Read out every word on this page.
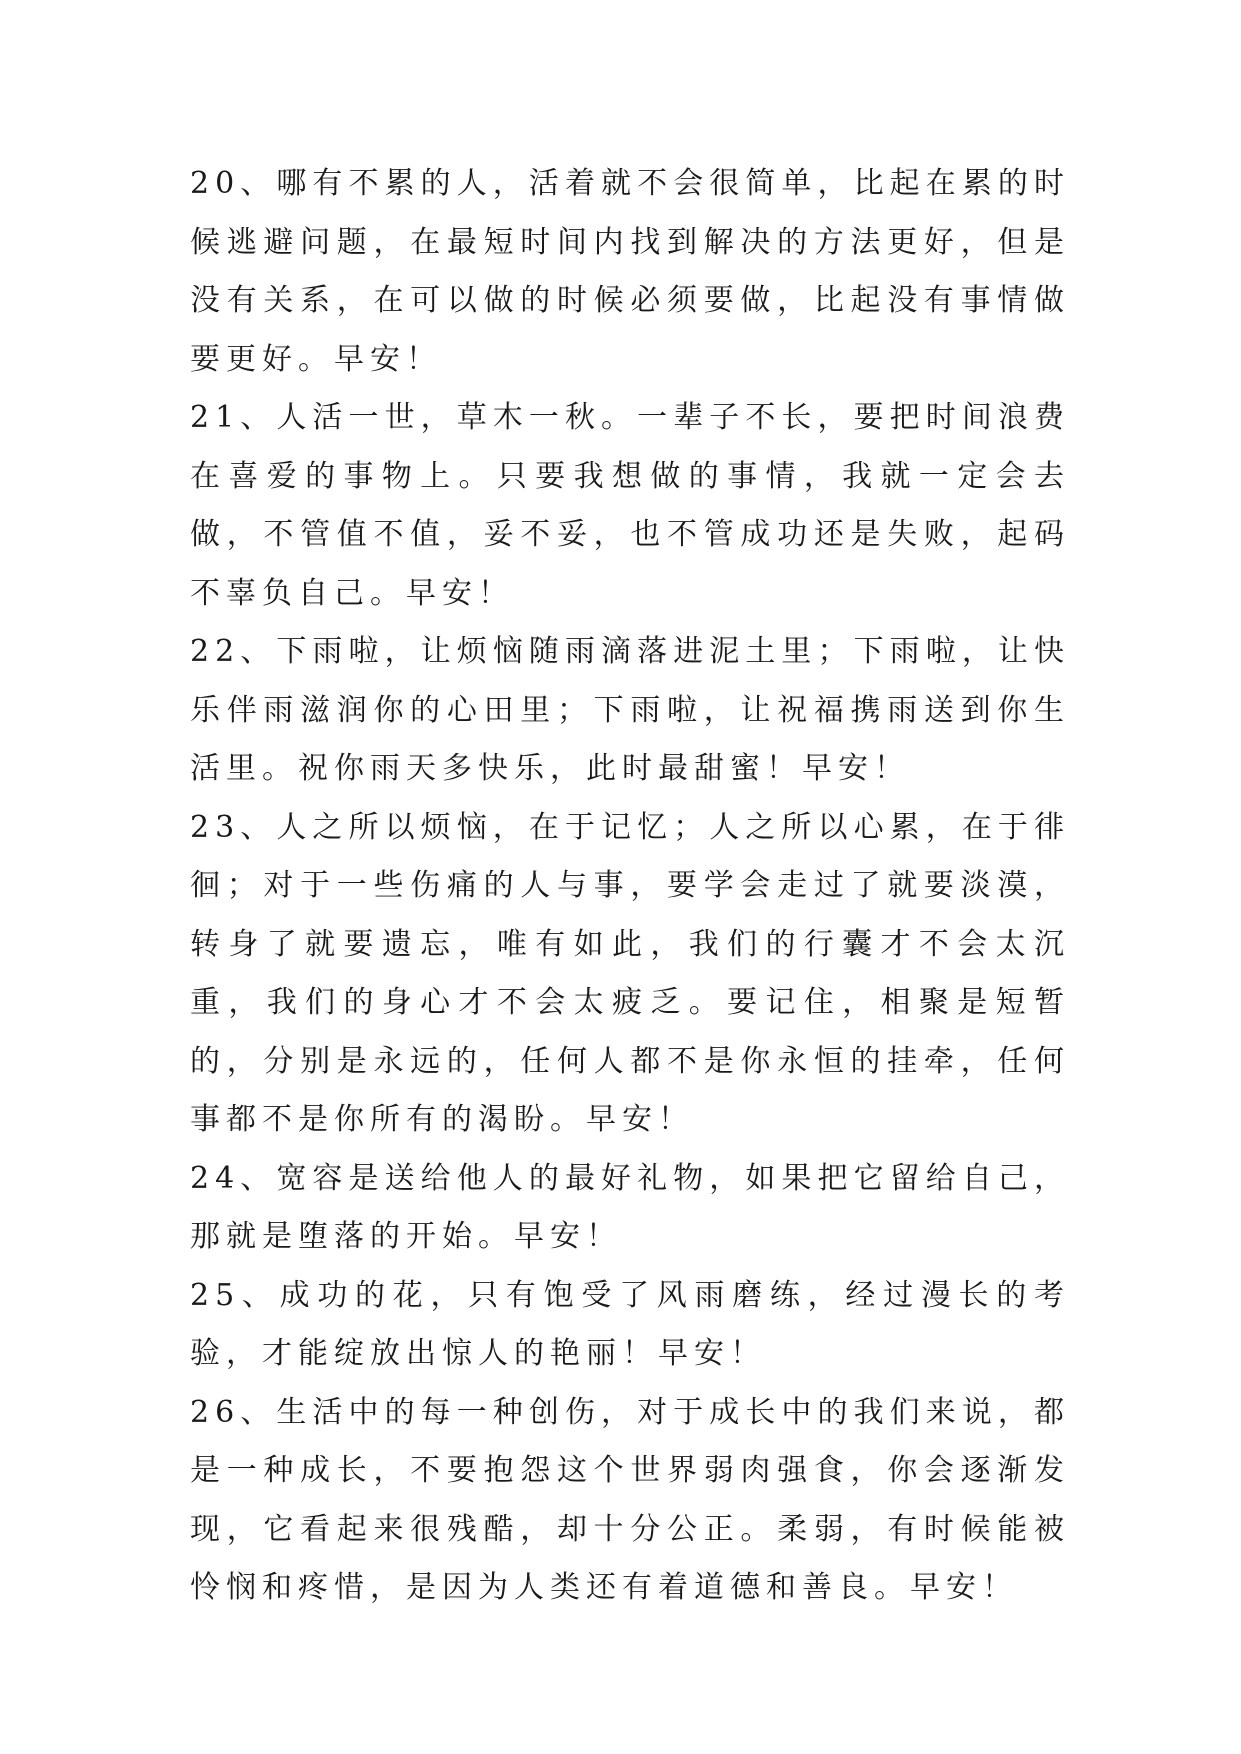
20、哪有不累的人，活着就不会很简单，比起在累的时候逃避问题，在最短时间内找到解决的方法更好，但是没有关系，在可以做的时候必须要做，比起没有事情做要更好。早安！

21、人活一世，草木一秋。一辈子不长，要把时间浪费在喜爱的事物上。只要我想做的事情，我就一定会去做，不管值不值，妥不妥，也不管成功还是失败，起码不辜负自己。早安！

22、下雨啦，让烦恼随雨滴落进泥土里；下雨啦，让快乐伴雨滋润你的心田里；下雨啦，让祝福携雨送到你生活里。祝你雨天多快乐，此时最甜蜜！早安！

23、人之所以烦恼，在于记忆；人之所以心累，在于徘徊；对于一些伤痛的人与事，要学会走过了就要淡漠，转身了就要遗忘，唯有如此，我们的行囊才不会太沉重，我们的身心才不会太疲乏。要记住，相聚是短暂的，分别是永远的，任何人都不是你永恒的挂牵，任何事都不是你所有的渴盼。早安！

24、宽容是送给他人的最好礼物，如果把它留给自己，那就是堕落的开始。早安！

25、成功的花，只有饱受了风雨磨练，经过漫长的考验，才能绽放出惊人的艳丽！早安！

26、生活中的每一种创伤，对于成长中的我们来说，都是一种成长，不要抱怨这个世界弱肉强食，你会逐渐发现，它看起来很残酷，却十分公正。柔弱，有时候能被怜悯和疼惜，是因为人类还有着道德和善良。早安！
